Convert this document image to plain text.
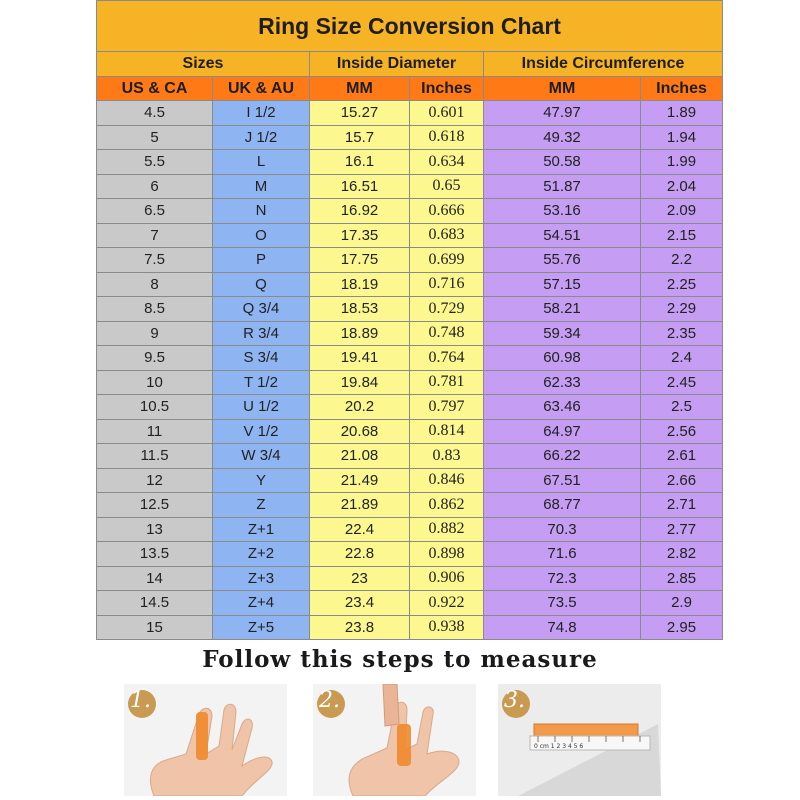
Ring Size Conversion Chart					
Sizes		Inside Diameter		Inside Circumference	
US & CA	UK & AU	MM	Inches	MM	Inches
4.5	I 1/2	15.27	0.601	47.97	1.89
5	J 1/2	15.7	0.618	49.32	1.94
5.5	L	16.1	0.634	50.58	1.99
6	M	16.51	0.65	51.87	2.04
6.5	N	16.92	0.666	53.16	2.09
7	O	17.35	0.683	54.51	2.15
7.5	P	17.75	0.699	55.76	2.2
8	Q	18.19	0.716	57.15	2.25
8.5	Q 3/4	18.53	0.729	58.21	2.29
9	R 3/4	18.89	0.748	59.34	2.35
9.5	S 3/4	19.41	0.764	60.98	2.4
10	T 1/2	19.84	0.781	62.33	2.45
10.5	U 1/2	20.2	0.797	63.46	2.5
11	V 1/2	20.68	0.814	64.97	2.56
11.5	W 3/4	21.08	0.83	66.22	2.61
12	Y	21.49	0.846	67.51	2.66
12.5	Z	21.89	0.862	68.77	2.71
13	Z+1	22.4	0.882	70.3	2.77
13.5	Z+2	22.8	0.898	71.6	2.82
14	Z+3	23	0.906	72.3	2.85
14.5	Z+4	23.4	0.922	73.5	2.9
15	Z+5	23.8	0.938	74.8	2.95
Follow this steps to measure
1.	2.
0 cm 1 2 3 4 5 6
3.
